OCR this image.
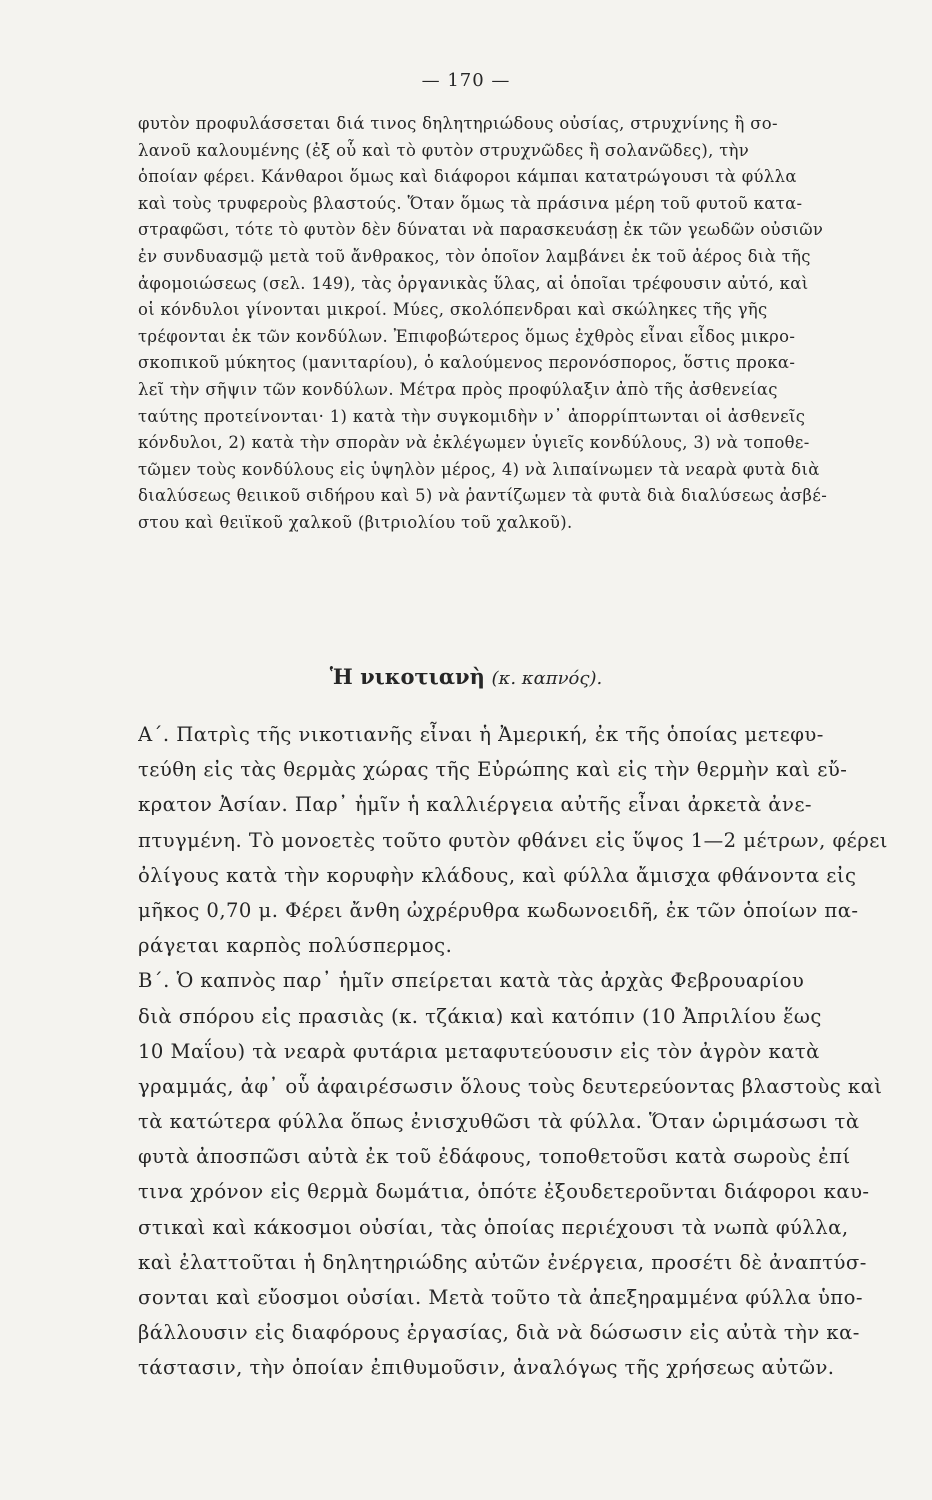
— 170 —
φυτὸν προφυλάσσεται διά τινος δηλητηριώδους οὐσίας, στρυχνίνης ἢ σο-
λανοῦ καλουμένης (ἐξ οὗ καὶ τὸ φυτὸν στρυχνῶδες ἢ σολανῶδες), τὴν
ὁποίαν φέρει. Κάνθαροι ὅμως καὶ διάφοροι κάμπαι κατατρώγουσι τὰ φύλλα
καὶ τοὺς τρυφεροὺς βλαστούς. Ὅταν ὅμως τὰ πράσινα μέρη τοῦ φυτοῦ κατα-
στραφῶσι, τότε τὸ φυτὸν δὲν δύναται νὰ παρασκευάσῃ ἐκ τῶν γεωδῶν οὐσιῶν
ἐν συνδυασμῷ μετὰ τοῦ ἄνθρακος, τὸν ὁποῖον λαμβάνει ἐκ τοῦ ἀέρος διὰ τῆς
ἀφομοιώσεως (σελ. 149), τὰς ὀργανικὰς ὕλας, αἱ ὁποῖαι τρέφουσιν αὐτό, καὶ
οἱ κόνδυλοι γίνονται μικροί. Μύες, σκολόπενδραι καὶ σκώληκες τῆς γῆς
τρέφονται ἐκ τῶν κονδύλων. Ἐπιφοβώτερος ὅμως ἐχθρὸς εἶναι εἶδος μικρο-
σκοπικοῦ μύκητος (μανιταρίου), ὁ καλούμενος περονόσπορος, ὅστις προκα-
λεῖ τὴν σῆψιν τῶν κονδύλων. Μέτρα πρὸς προφύλαξιν ἀπὸ τῆς ἀσθενείας
ταύτης προτείνονται· 1) κατὰ τὴν συγκομιδὴν ν᾽ ἀπορρίπτωνται οἱ ἀσθενεῖς
κόνδυλοι, 2) κατὰ τὴν σπορὰν νὰ ἐκλέγωμεν ὑγιεῖς κονδύλους, 3) νὰ τοποθε-
τῶμεν τοὺς κονδύλους εἰς ὑψηλὸν μέρος, 4) νὰ λιπαίνωμεν τὰ νεαρὰ φυτὰ διὰ
διαλύσεως θειικοῦ σιδήρου καὶ 5) νὰ ῥαντίζωμεν τὰ φυτὰ διὰ διαλύσεως ἀσβέ-
στου καὶ θειϊκοῦ χαλκοῦ (βιτριολίου τοῦ χαλκοῦ).
Ἡ νικοτιανὴ (κ. καπνός).
Α΄. Πατρὶς τῆς νικοτιανῆς εἶναι ἡ Ἀμερική, ἐκ τῆς ὁποίας μετεφυ-
τεύθη εἰς τὰς θερμὰς χώρας τῆς Εὐρώπης καὶ εἰς τὴν θερμὴν καὶ εὔ-
κρατον Ἀσίαν. Παρ᾽ ἡμῖν ἡ καλλιέργεια αὐτῆς εἶναι ἀρκετὰ ἀνε-
πτυγμένη. Τὸ μονοετὲς τοῦτο φυτὸν φθάνει εἰς ὕψος 1—2 μέτρων, φέρει
ὀλίγους κατὰ τὴν κορυφὴν κλάδους, καὶ φύλλα ἄμισχα φθάνοντα εἰς
μῆκος 0,70 μ. Φέρει ἄνθη ὠχρέρυθρα κωδωνοειδῆ, ἐκ τῶν ὁποίων πα-
ράγεται καρπὸς πολύσπερμος.
Β΄. Ὁ καπνὸς παρ᾽ ἡμῖν σπείρεται κατὰ τὰς ἀρχὰς Φεβρουαρίου
διὰ σπόρου εἰς πρασιὰς (κ. τζάκια) καὶ κατόπιν (10 Ἀπριλίου ἕως
10 Μαΐου) τὰ νεαρὰ φυτάρια μεταφυτεύουσιν εἰς τὸν ἀγρὸν κατὰ
γραμμάς, ἀφ᾽ οὗ ἀφαιρέσωσιν ὅλους τοὺς δευτερεύοντας βλαστοὺς καὶ
τὰ κατώτερα φύλλα ὅπως ἐνισχυθῶσι τὰ φύλλα. Ὅταν ὡριμάσωσι τὰ
φυτὰ ἀποσπῶσι αὐτὰ ἐκ τοῦ ἐδάφους, τοποθετοῦσι κατὰ σωροὺς ἐπί
τινα χρόνον εἰς θερμὰ δωμάτια, ὁπότε ἐξουδετεροῦνται διάφοροι καυ-
στικαὶ καὶ κάκοσμοι οὐσίαι, τὰς ὁποίας περιέχουσι τὰ νωπὰ φύλλα,
καὶ ἐλαττοῦται ἡ δηλητηριώδης αὐτῶν ἐνέργεια, προσέτι δὲ ἀναπτύσ-
σονται καὶ εὔοσμοι οὐσίαι. Μετὰ τοῦτο τὰ ἀπεξηραμμένα φύλλα ὑπο-
βάλλουσιν εἰς διαφόρους ἐργασίας, διὰ νὰ δώσωσιν εἰς αὐτὰ τὴν κα-
τάστασιν, τὴν ὁποίαν ἐπιθυμοῦσιν, ἀναλόγως τῆς χρήσεως αὐτῶν.
